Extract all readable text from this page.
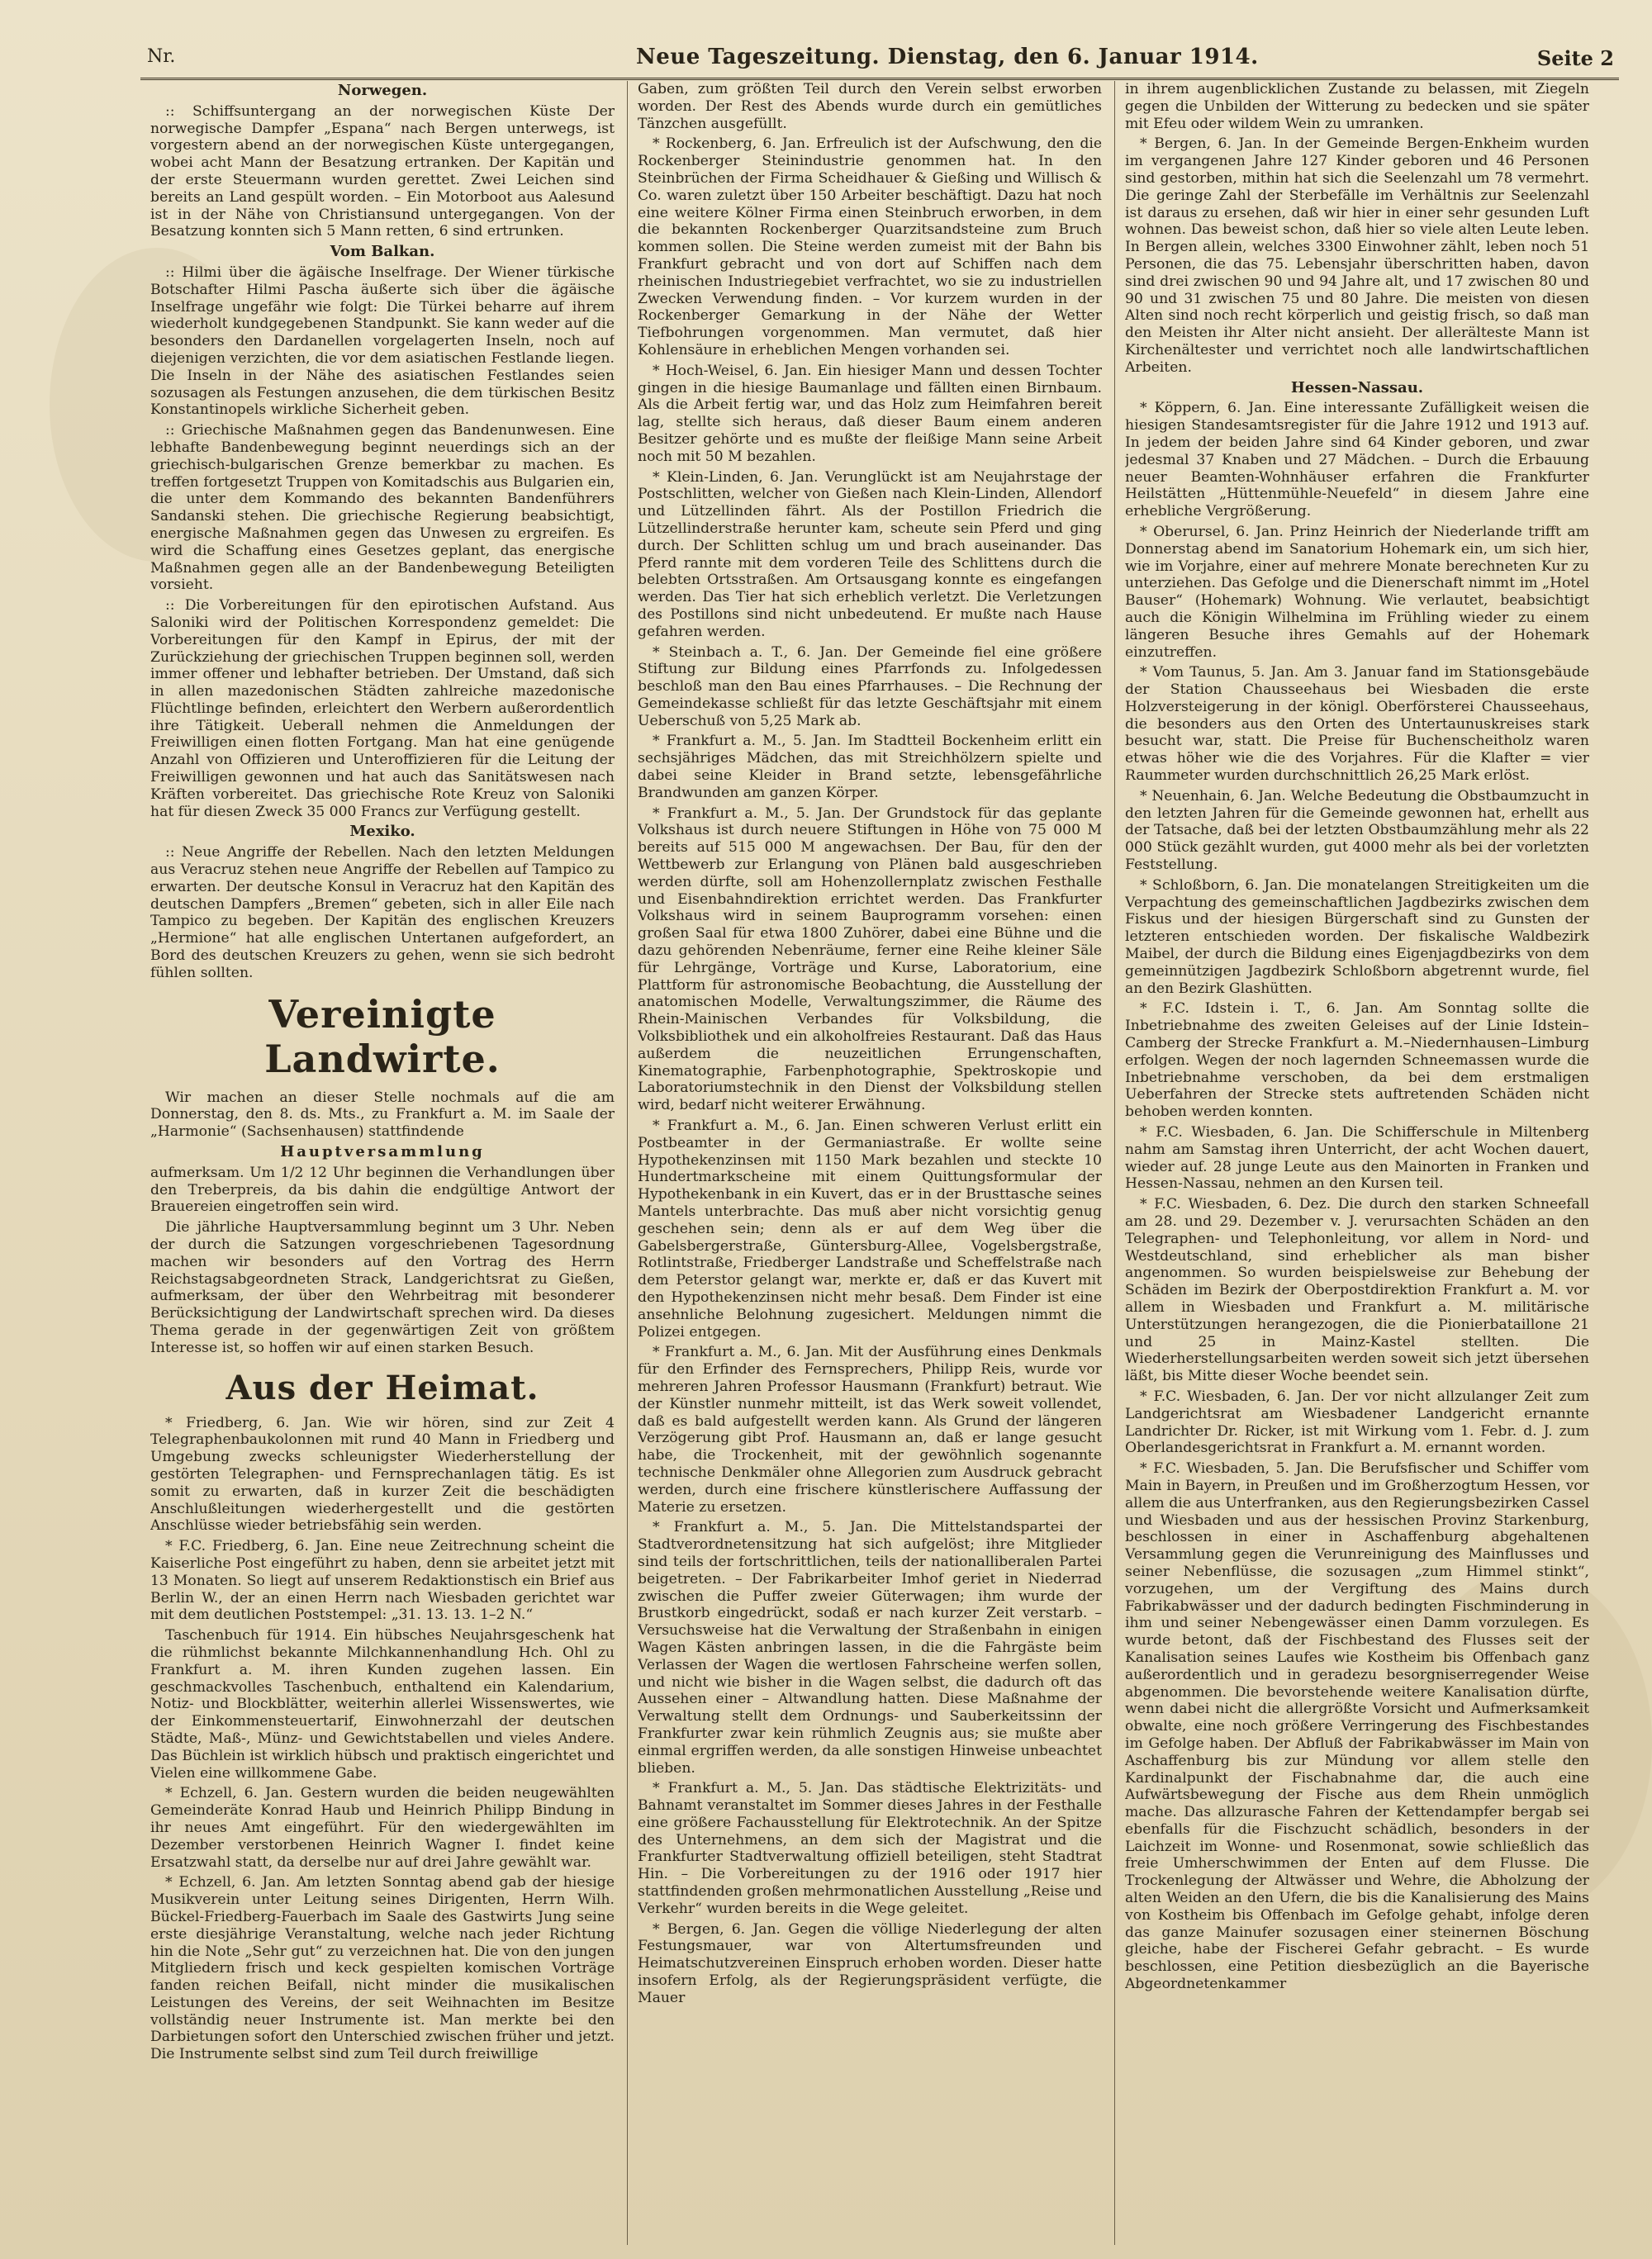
Nr.	Neue Tageszeitung. Dienstag, den 6. Januar 1914.	Seite 2
Norwegen.

:: Schiffsuntergang an der norwegischen Küste Der norwegische Dampfer „Espana“ nach Bergen unterwegs, ist vorgestern abend an der norwegischen Küste untergegangen, wobei acht Mann der Besatzung ertranken. Der Kapitän und der erste Steuermann wurden gerettet. Zwei Leichen sind bereits an Land gespült worden. – Ein Motorboot aus Aalesund ist in der Nähe von Christiansund untergegangen. Von der Besatzung konnten sich 5 Mann retten, 6 sind ertrunken.

Vom Balkan.

:: Hilmi über die ägäische Inselfrage. Der Wiener türkische Botschafter Hilmi Pascha äußerte sich über die ägäische Inselfrage ungefähr wie folgt: Die Türkei beharre auf ihrem wiederholt kundgegebenen Standpunkt. Sie kann weder auf die besonders den Dardanellen vorgelagerten Inseln, noch auf diejenigen verzichten, die vor dem asiatischen Festlande liegen. Die Inseln in der Nähe des asiatischen Festlandes seien sozusagen als Festungen anzusehen, die dem türkischen Besitz Konstantinopels wirkliche Sicherheit geben.

:: Griechische Maßnahmen gegen das Bandenunwesen. Eine lebhafte Bandenbewegung beginnt neuerdings sich an der griechisch-bulgarischen Grenze bemerkbar zu machen. Es treffen fortgesetzt Truppen von Komitadschis aus Bulgarien ein, die unter dem Kommando des bekannten Bandenführers Sandanski stehen. Die griechische Regierung beabsichtigt, energische Maßnahmen gegen das Unwesen zu ergreifen. Es wird die Schaffung eines Gesetzes geplant, das energische Maßnahmen gegen alle an der Bandenbewegung Beteiligten vorsieht.

:: Die Vorbereitungen für den epirotischen Aufstand. Aus Saloniki wird der Politischen Korrespondenz gemeldet: Die Vorbereitungen für den Kampf in Epirus, der mit der Zurückziehung der griechischen Truppen beginnen soll, werden immer offener und lebhafter betrieben. Der Umstand, daß sich in allen mazedonischen Städten zahlreiche mazedonische Flüchtlinge befinden, erleichtert den Werbern außerordentlich ihre Tätigkeit. Ueberall nehmen die Anmeldungen der Freiwilligen einen flotten Fortgang. Man hat eine genügende Anzahl von Offizieren und Unteroffizieren für die Leitung der Freiwilligen gewonnen und hat auch das Sanitätswesen nach Kräften vorbereitet. Das griechische Rote Kreuz von Saloniki hat für diesen Zweck 35 000 Francs zur Verfügung gestellt.

Mexiko.

:: Neue Angriffe der Rebellen. Nach den letzten Meldungen aus Veracruz stehen neue Angriffe der Rebellen auf Tampico zu erwarten. Der deutsche Konsul in Veracruz hat den Kapitän des deutschen Dampfers „Bremen“ gebeten, sich in aller Eile nach Tampico zu begeben. Der Kapitän des englischen Kreuzers „Hermione“ hat alle englischen Untertanen aufgefordert, an Bord des deutschen Kreuzers zu gehen, wenn sie sich bedroht fühlen sollten.

Vereinigte Landwirte.

Wir machen an dieser Stelle nochmals auf die am Donnerstag, den 8. ds. Mts., zu Frankfurt a. M. im Saale der „Harmonie“ (Sachsenhausen) stattfindende

Hauptversammlung

aufmerksam. Um 1/2 12 Uhr beginnen die Verhandlungen über den Treberpreis, da bis dahin die endgültige Antwort der Brauereien eingetroffen sein wird.

Die jährliche Hauptversammlung beginnt um 3 Uhr. Neben der durch die Satzungen vorgeschriebenen Tagesordnung machen wir besonders auf den Vortrag des Herrn Reichstagsabgeordneten Strack, Landgerichtsrat zu Gießen, aufmerksam, der über den Wehrbeitrag mit besonderer Berücksichtigung der Landwirtschaft sprechen wird. Da dieses Thema gerade in der gegenwärtigen Zeit von größtem Interesse ist, so hoffen wir auf einen starken Besuch.

Aus der Heimat.

* Friedberg, 6. Jan. Wie wir hören, sind zur Zeit 4 Telegraphenbaukolonnen mit rund 40 Mann in Friedberg und Umgebung zwecks schleunigster Wiederherstellung der gestörten Telegraphen- und Fernsprechanlagen tätig. Es ist somit zu erwarten, daß in kurzer Zeit die beschädigten Anschlußleitungen wiederhergestellt und die gestörten Anschlüsse wieder betriebsfähig sein werden.

* F.C. Friedberg, 6. Jan. Eine neue Zeitrechnung scheint die Kaiserliche Post eingeführt zu haben, denn sie arbeitet jetzt mit 13 Monaten. So liegt auf unserem Redaktionstisch ein Brief aus Berlin W., der an einen Herrn nach Wiesbaden gerichtet war mit dem deutlichen Poststempel: „31. 13. 13. 1–2 N.“

Taschenbuch für 1914. Ein hübsches Neujahrsgeschenk hat die rühmlichst bekannte Milchkannenhandlung Hch. Ohl zu Frankfurt a. M. ihren Kunden zugehen lassen. Ein geschmackvolles Taschenbuch, enthaltend ein Kalendarium, Notiz- und Blockblätter, weiterhin allerlei Wissenswertes, wie der Einkommensteuertarif, Einwohnerzahl der deutschen Städte, Maß-, Münz- und Gewichtstabellen und vieles Andere. Das Büchlein ist wirklich hübsch und praktisch eingerichtet und Vielen eine willkommene Gabe.

* Echzell, 6. Jan. Gestern wurden die beiden neugewählten Gemeinderäte Konrad Haub und Heinrich Philipp Bindung in ihr neues Amt eingeführt. Für den wiedergewählten im Dezember verstorbenen Heinrich Wagner I. findet keine Ersatzwahl statt, da derselbe nur auf drei Jahre gewählt war.

* Echzell, 6. Jan. Am letzten Sonntag abend gab der hiesige Musikverein unter Leitung seines Dirigenten, Herrn Wilh. Bückel-Friedberg-Fauerbach im Saale des Gastwirts Jung seine erste diesjährige Veranstaltung, welche nach jeder Richtung hin die Note „Sehr gut“ zu verzeichnen hat. Die von den jungen Mitgliedern frisch und keck gespielten komischen Vorträge fanden reichen Beifall, nicht minder die musikalischen Leistungen des Vereins, der seit Weihnachten im Besitze vollständig neuer Instrumente ist. Man merkte bei den Darbietungen sofort den Unterschied zwischen früher und jetzt. Die Instrumente selbst sind zum Teil durch freiwillige

Gaben, zum größten Teil durch den Verein selbst erworben worden. Der Rest des Abends wurde durch ein gemütliches Tänzchen ausgefüllt.

* Rockenberg, 6. Jan. Erfreulich ist der Aufschwung, den die Rockenberger Steinindustrie genommen hat. In den Steinbrüchen der Firma Scheidhauer & Gießing und Willisch & Co. waren zuletzt über 150 Arbeiter beschäftigt. Dazu hat noch eine weitere Kölner Firma einen Steinbruch erworben, in dem die bekannten Rockenberger Quarzitsandsteine zum Bruch kommen sollen. Die Steine werden zumeist mit der Bahn bis Frankfurt gebracht und von dort auf Schiffen nach dem rheinischen Industriegebiet verfrachtet, wo sie zu industriellen Zwecken Verwendung finden. – Vor kurzem wurden in der Rockenberger Gemarkung in der Nähe der Wetter Tiefbohrungen vorgenommen. Man vermutet, daß hier Kohlensäure in erheblichen Mengen vorhanden sei.

* Hoch-Weisel, 6. Jan. Ein hiesiger Mann und dessen Tochter gingen in die hiesige Baumanlage und fällten einen Birnbaum. Als die Arbeit fertig war, und das Holz zum Heimfahren bereit lag, stellte sich heraus, daß dieser Baum einem anderen Besitzer gehörte und es mußte der fleißige Mann seine Arbeit noch mit 50 M bezahlen.

* Klein-Linden, 6. Jan. Verunglückt ist am Neujahrstage der Postschlitten, welcher von Gießen nach Klein-Linden, Allendorf und Lützellinden fährt. Als der Postillon Friedrich die Lützellinderstraße herunter kam, scheute sein Pferd und ging durch. Der Schlitten schlug um und brach auseinander. Das Pferd rannte mit dem vorderen Teile des Schlittens durch die belebten Ortsstraßen. Am Ortsausgang konnte es eingefangen werden. Das Tier hat sich erheblich verletzt. Die Verletzungen des Postillons sind nicht unbedeutend. Er mußte nach Hause gefahren werden.

* Steinbach a. T., 6. Jan. Der Gemeinde fiel eine größere Stiftung zur Bildung eines Pfarrfonds zu. Infolgedessen beschloß man den Bau eines Pfarrhauses. – Die Rechnung der Gemeindekasse schließt für das letzte Geschäftsjahr mit einem Ueberschuß von 5,25 Mark ab.

* Frankfurt a. M., 5. Jan. Im Stadtteil Bockenheim erlitt ein sechsjähriges Mädchen, das mit Streichhölzern spielte und dabei seine Kleider in Brand setzte, lebensgefährliche Brandwunden am ganzen Körper.

* Frankfurt a. M., 5. Jan. Der Grundstock für das geplante Volkshaus ist durch neuere Stiftungen in Höhe von 75 000 M bereits auf 515 000 M angewachsen. Der Bau, für den der Wettbewerb zur Erlangung von Plänen bald ausgeschrieben werden dürfte, soll am Hohenzollernplatz zwischen Festhalle und Eisenbahndirektion errichtet werden. Das Frankfurter Volkshaus wird in seinem Bauprogramm vorsehen: einen großen Saal für etwa 1800 Zuhörer, dabei eine Bühne und die dazu gehörenden Nebenräume, ferner eine Reihe kleiner Säle für Lehrgänge, Vorträge und Kurse, Laboratorium, eine Plattform für astronomische Beobachtung, die Ausstellung der anatomischen Modelle, Verwaltungszimmer, die Räume des Rhein-Mainischen Verbandes für Volksbildung, die Volksbibliothek und ein alkoholfreies Restaurant. Daß das Haus außerdem die neuzeitlichen Errungenschaften, Kinematographie, Farbenphotographie, Spektroskopie und Laboratoriumstechnik in den Dienst der Volksbildung stellen wird, bedarf nicht weiterer Erwähnung.

* Frankfurt a. M., 6. Jan. Einen schweren Verlust erlitt ein Postbeamter in der Germaniastraße. Er wollte seine Hypothekenzinsen mit 1150 Mark bezahlen und steckte 10 Hundertmarkscheine mit einem Quittungsformular der Hypothekenbank in ein Kuvert, das er in der Brusttasche seines Mantels unterbrachte. Das muß aber nicht vorsichtig genug geschehen sein; denn als er auf dem Weg über die Gabelsbergerstraße, Güntersburg-Allee, Vogelsbergstraße, Rotlintstraße, Friedberger Landstraße und Scheffelstraße nach dem Peterstor gelangt war, merkte er, daß er das Kuvert mit den Hypothekenzinsen nicht mehr besaß. Dem Finder ist eine ansehnliche Belohnung zugesichert. Meldungen nimmt die Polizei entgegen.

* Frankfurt a. M., 6. Jan. Mit der Ausführung eines Denkmals für den Erfinder des Fernsprechers, Philipp Reis, wurde vor mehreren Jahren Professor Hausmann (Frankfurt) betraut. Wie der Künstler nunmehr mitteilt, ist das Werk soweit vollendet, daß es bald aufgestellt werden kann. Als Grund der längeren Verzögerung gibt Prof. Hausmann an, daß er lange gesucht habe, die Trockenheit, mit der gewöhnlich sogenannte technische Denkmäler ohne Allegorien zum Ausdruck gebracht werden, durch eine frischere künstlerischere Auffassung der Materie zu ersetzen.

* Frankfurt a. M., 5. Jan. Die Mittelstandspartei der Stadtverordnetensitzung hat sich aufgelöst; ihre Mitglieder sind teils der fortschrittlichen, teils der nationalliberalen Partei beigetreten. – Der Fabrikarbeiter Imhof geriet in Niederrad zwischen die Puffer zweier Güterwagen; ihm wurde der Brustkorb eingedrückt, sodaß er nach kurzer Zeit verstarb. – Versuchsweise hat die Verwaltung der Straßenbahn in einigen Wagen Kästen anbringen lassen, in die die Fahrgäste beim Verlassen der Wagen die wertlosen Fahrscheine werfen sollen, und nicht wie bisher in die Wagen selbst, die dadurch oft das Aussehen einer – Altwandlung hatten. Diese Maßnahme der Verwaltung stellt dem Ordnungs- und Sauberkeitssinn der Frankfurter zwar kein rühmlich Zeugnis aus; sie mußte aber einmal ergriffen werden, da alle sonstigen Hinweise unbeachtet blieben.

* Frankfurt a. M., 5. Jan. Das städtische Elektrizitäts- und Bahnamt veranstaltet im Sommer dieses Jahres in der Festhalle eine größere Fachausstellung für Elektrotechnik. An der Spitze des Unternehmens, an dem sich der Magistrat und die Frankfurter Stadtverwaltung offiziell beteiligen, steht Stadtrat Hin. – Die Vorbereitungen zu der 1916 oder 1917 hier stattfindenden großen mehrmonatlichen Ausstellung „Reise und Verkehr“ wurden bereits in die Wege geleitet.

* Bergen, 6. Jan. Gegen die völlige Niederlegung der alten Festungsmauer, war von Altertumsfreunden und Heimatschutzvereinen Einspruch erhoben worden. Dieser hatte insofern Erfolg, als der Regierungspräsident verfügte, die Mauer

in ihrem augenblicklichen Zustande zu belassen, mit Ziegeln gegen die Unbilden der Witterung zu bedecken und sie später mit Efeu oder wildem Wein zu umranken.

* Bergen, 6. Jan. In der Gemeinde Bergen-Enkheim wurden im vergangenen Jahre 127 Kinder geboren und 46 Personen sind gestorben, mithin hat sich die Seelenzahl um 78 vermehrt. Die geringe Zahl der Sterbefälle im Verhältnis zur Seelenzahl ist daraus zu ersehen, daß wir hier in einer sehr gesunden Luft wohnen. Das beweist schon, daß hier so viele alten Leute leben. In Bergen allein, welches 3300 Einwohner zählt, leben noch 51 Personen, die das 75. Lebensjahr überschritten haben, davon sind drei zwischen 90 und 94 Jahre alt, und 17 zwischen 80 und 90 und 31 zwischen 75 und 80 Jahre. Die meisten von diesen Alten sind noch recht körperlich und geistig frisch, so daß man den Meisten ihr Alter nicht ansieht. Der allerälteste Mann ist Kirchenältester und verrichtet noch alle landwirtschaftlichen Arbeiten.

Hessen-Nassau.

* Köppern, 6. Jan. Eine interessante Zufälligkeit weisen die hiesigen Standesamtsregister für die Jahre 1912 und 1913 auf. In jedem der beiden Jahre sind 64 Kinder geboren, und zwar jedesmal 37 Knaben und 27 Mädchen. – Durch die Erbauung neuer Beamten-Wohnhäuser erfahren die Frankfurter Heilstätten „Hüttenmühle-Neuefeld“ in diesem Jahre eine erhebliche Vergrößerung.

* Oberursel, 6. Jan. Prinz Heinrich der Niederlande trifft am Donnerstag abend im Sanatorium Hohemark ein, um sich hier, wie im Vorjahre, einer auf mehrere Monate berechneten Kur zu unterziehen. Das Gefolge und die Dienerschaft nimmt im „Hotel Bauser“ (Hohemark) Wohnung. Wie verlautet, beabsichtigt auch die Königin Wilhelmina im Frühling wieder zu einem längeren Besuche ihres Gemahls auf der Hohemark einzutreffen.

* Vom Taunus, 5. Jan. Am 3. Januar fand im Stationsgebäude der Station Chausseehaus bei Wiesbaden die erste Holzversteigerung in der königl. Oberförsterei Chausseehaus, die besonders aus den Orten des Untertaunuskreises stark besucht war, statt. Die Preise für Buchenscheitholz waren etwas höher wie die des Vorjahres. Für die Klafter = vier Raummeter wurden durchschnittlich 26,25 Mark erlöst.

* Neuenhain, 6. Jan. Welche Bedeutung die Obstbaumzucht in den letzten Jahren für die Gemeinde gewonnen hat, erhellt aus der Tatsache, daß bei der letzten Obstbaumzählung mehr als 22 000 Stück gezählt wurden, gut 4000 mehr als bei der vorletzten Feststellung.

* Schloßborn, 6. Jan. Die monatelangen Streitigkeiten um die Verpachtung des gemeinschaftlichen Jagdbezirks zwischen dem Fiskus und der hiesigen Bürgerschaft sind zu Gunsten der letzteren entschieden worden. Der fiskalische Waldbezirk Maibel, der durch die Bildung eines Eigenjagdbezirks von dem gemeinnützigen Jagdbezirk Schloßborn abgetrennt wurde, fiel an den Bezirk Glashütten.

* F.C. Idstein i. T., 6. Jan. Am Sonntag sollte die Inbetriebnahme des zweiten Geleises auf der Linie Idstein–Camberg der Strecke Frankfurt a. M.–Niedernhausen–Limburg erfolgen. Wegen der noch lagernden Schneemassen wurde die Inbetriebnahme verschoben, da bei dem erstmaligen Ueberfahren der Strecke stets auftretenden Schäden nicht behoben werden konnten.

* F.C. Wiesbaden, 6. Jan. Die Schifferschule in Miltenberg nahm am Samstag ihren Unterricht, der acht Wochen dauert, wieder auf. 28 junge Leute aus den Mainorten in Franken und Hessen-Nassau, nehmen an den Kursen teil.

* F.C. Wiesbaden, 6. Dez. Die durch den starken Schneefall am 28. und 29. Dezember v. J. verursachten Schäden an den Telegraphen- und Telephonleitung, vor allem in Nord- und Westdeutschland, sind erheblicher als man bisher angenommen. So wurden beispielsweise zur Behebung der Schäden im Bezirk der Oberpostdirektion Frankfurt a. M. vor allem in Wiesbaden und Frankfurt a. M. militärische Unterstützungen herangezogen, die die Pionierbataillone 21 und 25 in Mainz-Kastel stellten. Die Wiederherstellungsarbeiten werden soweit sich jetzt übersehen läßt, bis Mitte dieser Woche beendet sein.

* F.C. Wiesbaden, 6. Jan. Der vor nicht allzulanger Zeit zum Landgerichtsrat am Wiesbadener Landgericht ernannte Landrichter Dr. Ricker, ist mit Wirkung vom 1. Febr. d. J. zum Oberlandesgerichtsrat in Frankfurt a. M. ernannt worden.

* F.C. Wiesbaden, 5. Jan. Die Berufsfischer und Schiffer vom Main in Bayern, in Preußen und im Großherzogtum Hessen, vor allem die aus Unterfranken, aus den Regierungsbezirken Cassel und Wiesbaden und aus der hessischen Provinz Starkenburg, beschlossen in einer in Aschaffenburg abgehaltenen Versammlung gegen die Verunreinigung des Mainflusses und seiner Nebenflüsse, die sozusagen „zum Himmel stinkt“, vorzugehen, um der Vergiftung des Mains durch Fabrikabwässer und der dadurch bedingten Fischminderung in ihm und seiner Nebengewässer einen Damm vorzulegen. Es wurde betont, daß der Fischbestand des Flusses seit der Kanalisation seines Laufes wie Kostheim bis Offenbach ganz außerordentlich und in geradezu besorgniserregender Weise abgenommen. Die bevorstehende weitere Kanalisation dürfte, wenn dabei nicht die allergrößte Vorsicht und Aufmerksamkeit obwalte, eine noch größere Verringerung des Fischbestandes im Gefolge haben. Der Abfluß der Fabrikabwässer im Main von Aschaffenburg bis zur Mündung vor allem stelle den Kardinalpunkt der Fischabnahme dar, die auch eine Aufwärtsbewegung der Fische aus dem Rhein unmöglich mache. Das allzurasche Fahren der Kettendampfer bergab sei ebenfalls für die Fischzucht schädlich, besonders in der Laichzeit im Wonne- und Rosenmonat, sowie schließlich das freie Umherschwimmen der Enten auf dem Flusse. Die Trockenlegung der Altwässer und Wehre, die Abholzung der alten Weiden an den Ufern, die bis die Kanalisierung des Mains von Kostheim bis Offenbach im Gefolge gehabt, infolge deren das ganze Mainufer sozusagen einer steinernen Böschung gleiche, habe der Fischerei Gefahr gebracht. – Es wurde beschlossen, eine Petition diesbezüglich an die Bayerische Abgeordnetenkammer
